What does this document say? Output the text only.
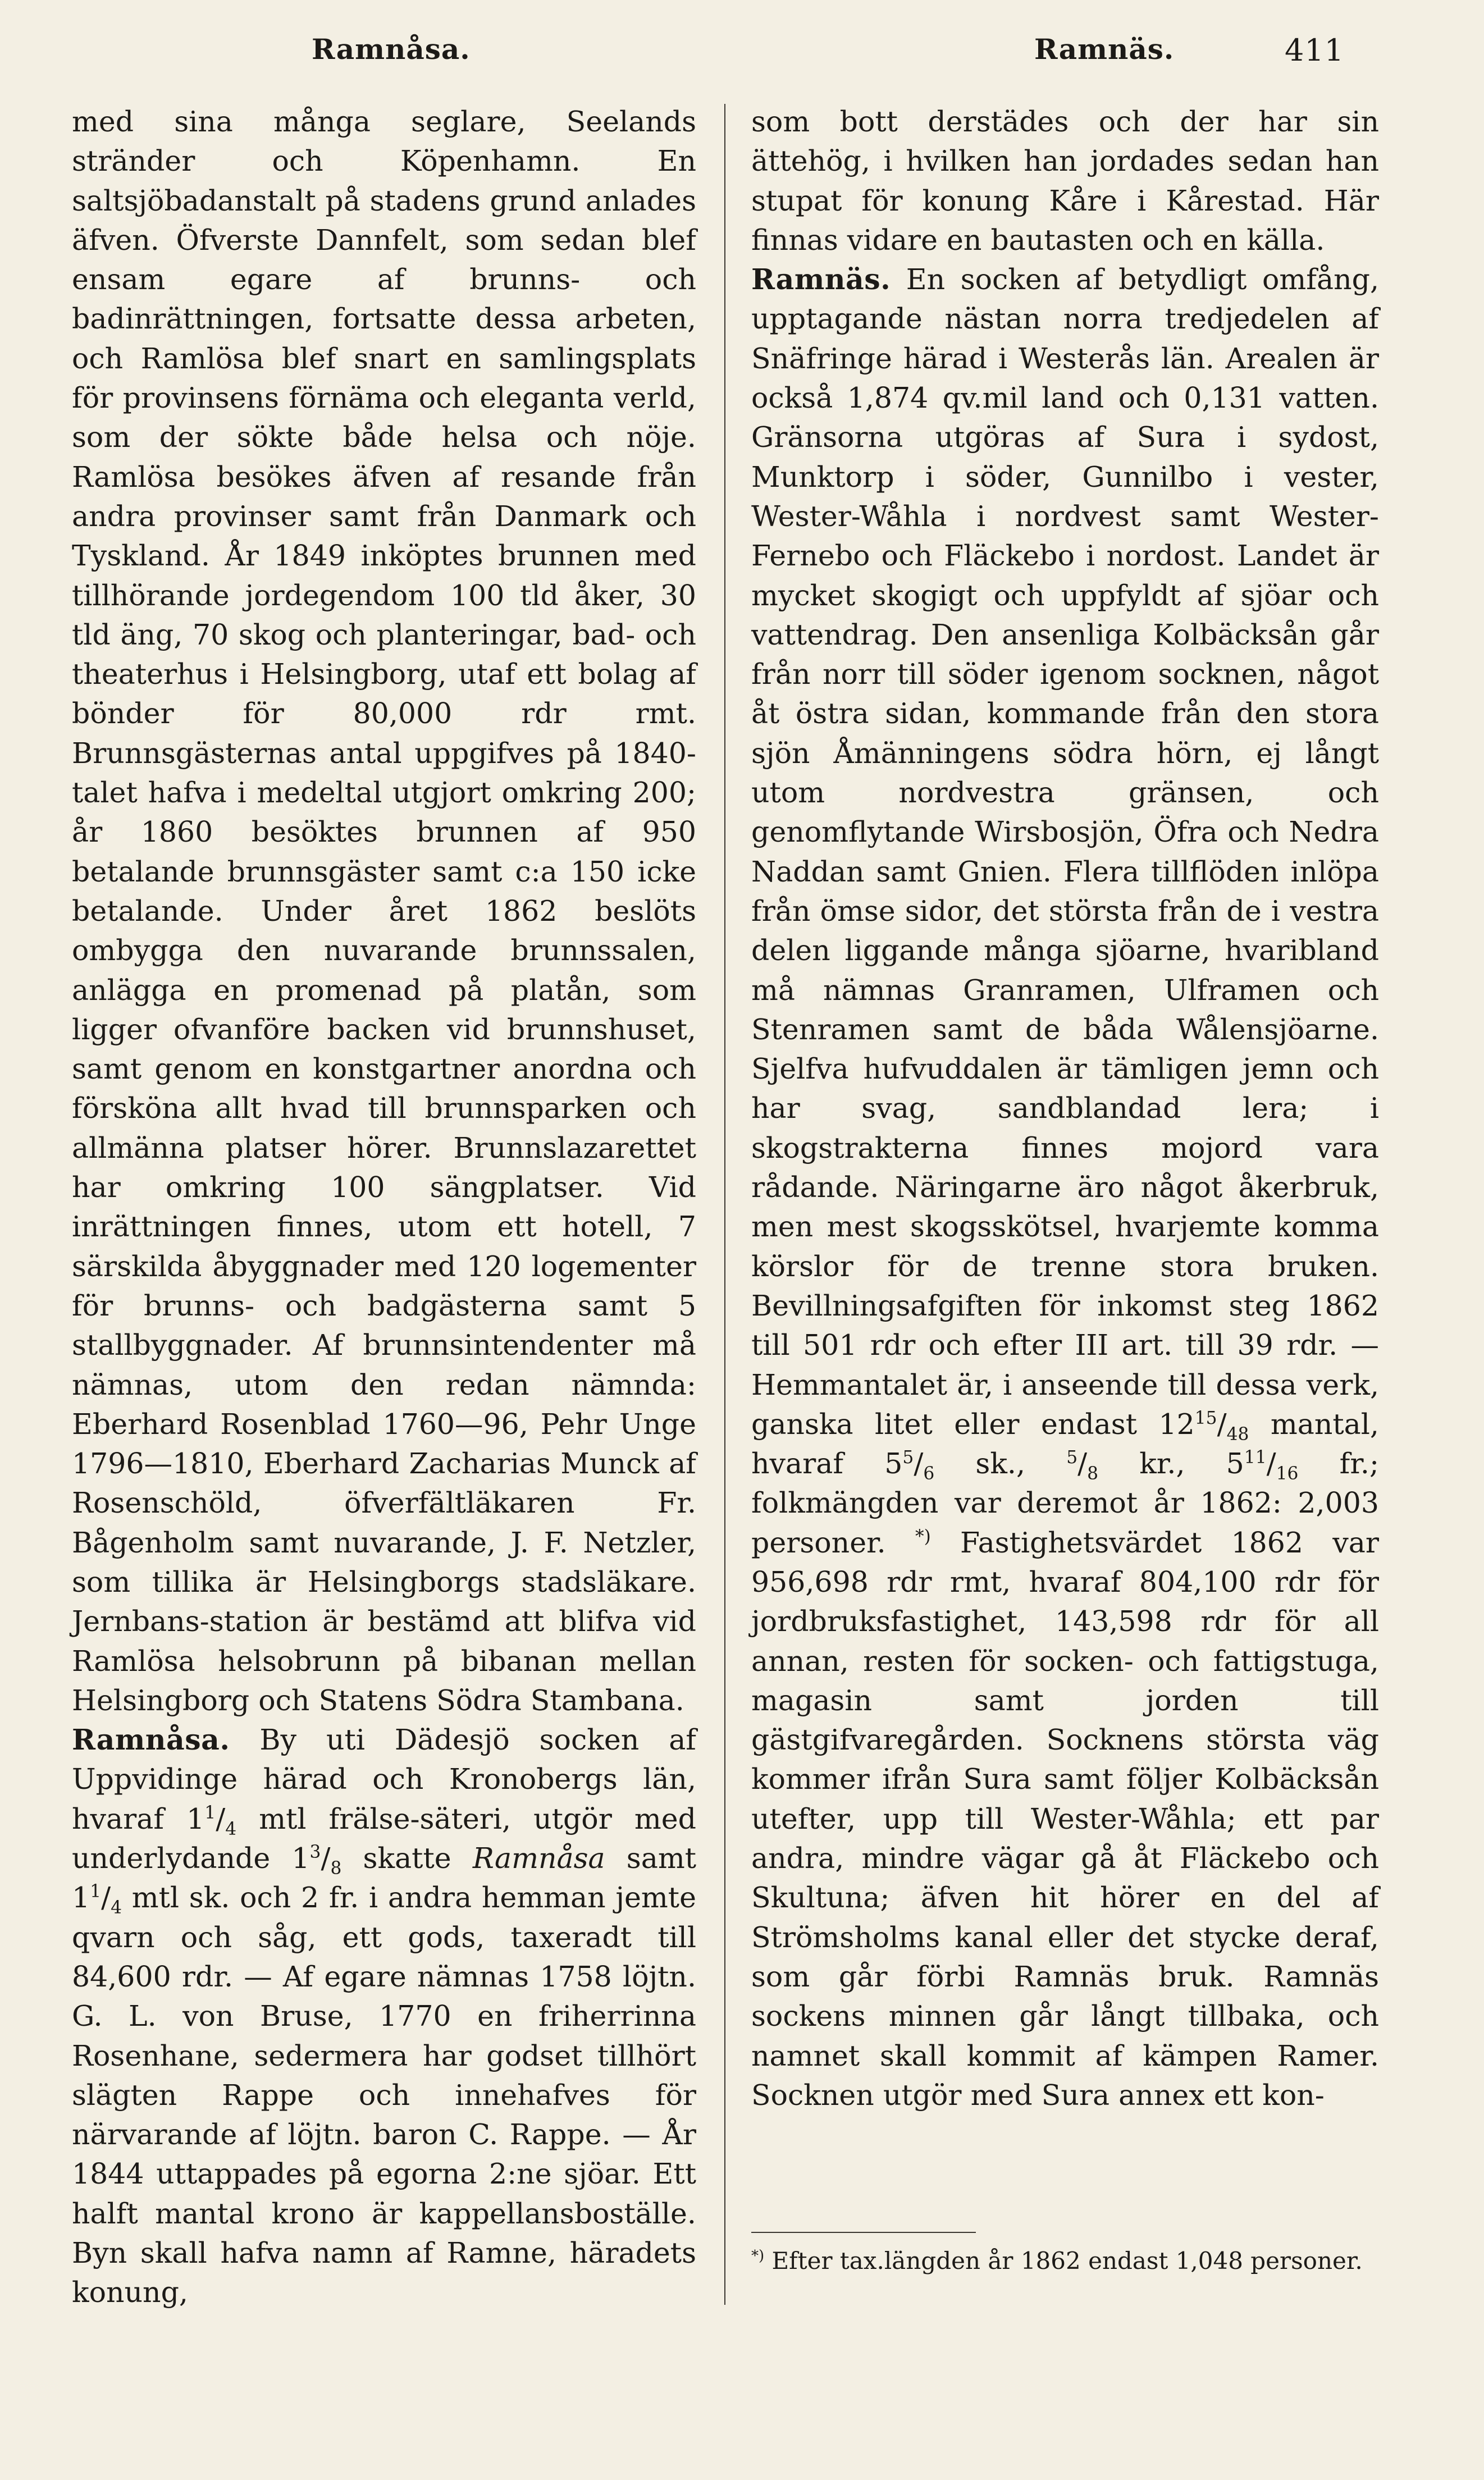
Ramnåsa.	Ramnäs.	411

med sina många seglare, Seelands stränder och Köpenhamn. En saltsjöbadanstalt på stadens grund anlades äfven. Öfverste Dannfelt, som sedan blef ensam egare af brunns- och badinrättningen, fortsatte dessa arbeten, och Ramlösa blef snart en samlingsplats för provinsens förnäma och eleganta verld, som der sökte både helsa och nöje. Ramlösa besökes äfven af resande från andra provinser samt från Danmark och Tyskland. År 1849 inköptes brunnen med tillhörande jordegendom 100 tld åker, 30 tld äng, 70 skog och planteringar, bad- och theaterhus i Helsingborg, utaf ett bolag af bönder för 80,000 rdr rmt. Brunnsgästernas antal uppgifves på 1840-talet hafva i medeltal utgjort omkring 200; år 1860 besöktes brunnen af 950 betalande brunnsgäster samt c:a 150 icke betalande. Under året 1862 beslöts ombygga den nuvarande brunnssalen, anlägga en promenad på platån, som ligger ofvanföre backen vid brunnshuset, samt genom en konstgartner anordna och försköna allt hvad till brunnsparken och allmänna platser hörer. Brunnslazarettet har omkring 100 sängplatser. Vid inrättningen finnes, utom ett hotell, 7 särskilda åbyggnader med 120 logementer för brunns- och badgästerna samt 5 stallbyggnader. Af brunnsintendenter må nämnas, utom den redan nämnda: Eberhard Rosenblad 1760—96, Pehr Unge 1796—1810, Eberhard Zacharias Munck af Rosenschöld, öfverfältläkaren Fr. Bågenholm samt nuvarande, J. F. Netzler, som tillika är Helsingborgs stadsläkare. Jernbans-station är bestämd att blifva vid Ramlösa helsobrunn på bibanan mellan Helsingborg och Statens Södra Stambana.

Ramnåsa. By uti Dädesjö socken af Uppvidinge härad och Kronobergs län, hvaraf $1^1/_4$ mtl frälse-säteri, utgör med underlydande $1^3/_8$ skatte Ramnåsa samt $1^1/_4$ mtl sk. och 2 fr. i andra hemman jemte qvarn och såg, ett gods, taxeradt till 84,600 rdr. — Af egare nämnas 1758 löjtn. G. L. von Bruse, 1770 en friherrinna Rosenhane, sedermera har godset tillhört slägten Rappe och innehafves för närvarande af löjtn. baron C. Rappe. — År 1844 uttappades på egorna 2:ne sjöar. Ett halft mantal krono är kappellansboställe. Byn skall hafva namn af Ramne, häradets konung,

som bott derstädes och der har sin ättehög, i hvilken han jordades sedan han stupat för konung Kåre i Kårestad. Här finnas vidare en bautasten och en källa.

Ramnäs. En socken af betydligt omfång, upptagande nästan norra tredjedelen af Snäfringe härad i Westerås län. Arealen är också 1,874 qv.mil land och 0,131 vatten. Gränsorna utgöras af Sura i sydost, Munktorp i söder, Gunnilbo i vester, Wester-Wåhla i nordvest samt Wester-Fernebo och Fläckebo i nordost. Landet är mycket skogigt och uppfyldt af sjöar och vattendrag. Den ansenliga Kolbäcksån går från norr till söder igenom socknen, något åt östra sidan, kommande från den stora sjön Åmänningens södra hörn, ej långt utom nordvestra gränsen, och genomflytande Wirsbosjön, Öfra och Nedra Naddan samt Gnien. Flera tillflöden inlöpa från ömse sidor, det största från de i vestra delen liggande många sjöarne, hvaribland må nämnas Granramen, Ulframen och Stenramen samt de båda Wålensjöarne. Sjelfva hufvuddalen är tämligen jemn och har svag, sandblandad lera; i skogstrakterna finnes mojord vara rådande. Näringarne äro något åkerbruk, men mest skogsskötsel, hvarjemte komma körslor för de trenne stora bruken. Bevillningsafgiften för inkomst steg 1862 till 501 rdr och efter III art. till 39 rdr. — Hemmantalet är, i anseende till dessa verk, ganska litet eller endast $12^{15}/_{48}$ mantal, hvaraf $5^5/_6$ sk., $^5/_8$ kr., $5^{11}/_{16}$ fr.; folkmängden var deremot år 1862: 2,003 personer. *) Fastighetsvärdet 1862 var 956,698 rdr rmt, hvaraf 804,100 rdr för jordbruksfastighet, 143,598 rdr för all annan, resten för socken- och fattigstuga, magasin samt jorden till gästgifvaregården. Socknens största väg kommer ifrån Sura samt följer Kolbäcksån utefter, upp till Wester-Wåhla; ett par andra, mindre vägar gå åt Fläckebo och Skultuna; äfven hit hörer en del af Strömsholms kanal eller det stycke deraf, som går förbi Ramnäs bruk. Ramnäs sockens minnen går långt tillbaka, och namnet skall kommit af kämpen Ramer. Socknen utgör med Sura annex ett kon-

*) Efter tax.längden år 1862 endast 1,048 personer.
